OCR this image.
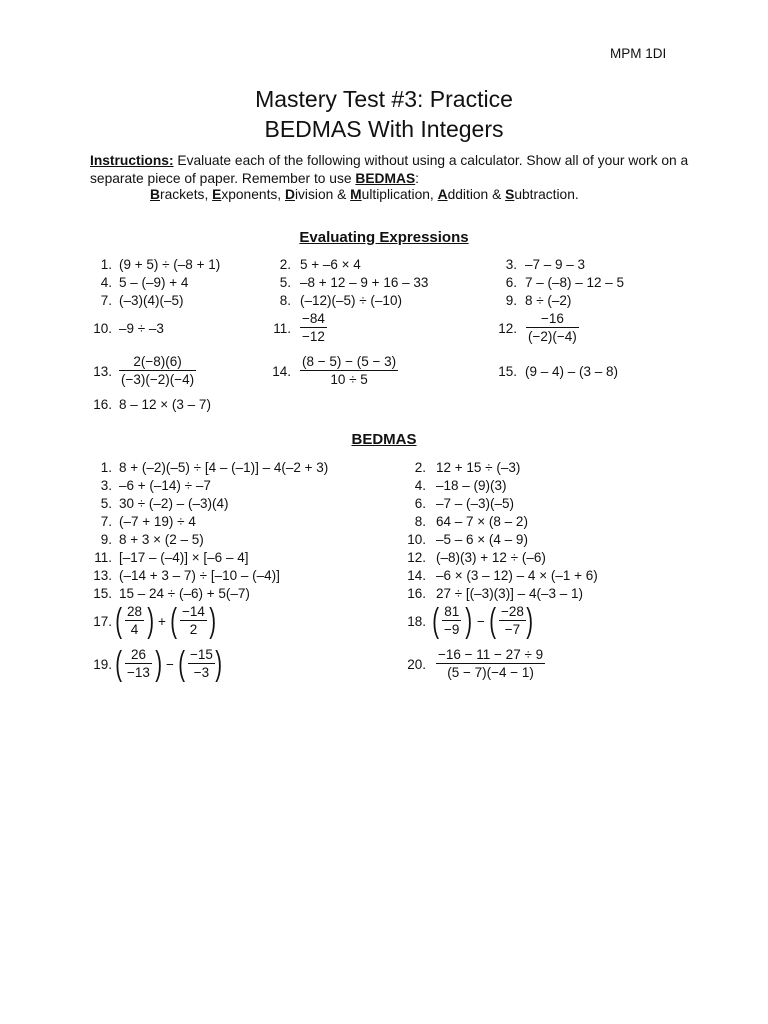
MPM 1DI
Mastery Test #3: Practice
BEDMAS With Integers
Instructions: Evaluate each of the following without using a calculator. Show all of your work on a separate piece of paper. Remember to use BEDMAS:
Brackets, Exponents, Division & Multiplication, Addition & Subtraction.
Evaluating Expressions
1. (9 + 5) ÷ (–8 + 1)	2. 5 + –6 × 4	3. –7 – 9 – 3
4. 5 – (–9) + 4	5. –8 + 12 – 9 + 16 – 33	6. 7 – (–8) – 12 – 5
7. (–3)(4)(–5)	8. (–12)(–5) ÷ (–10)	9. 8 ÷ (–2)
10. –9 ÷ –3	11. $\frac{-84}{-12}$	12. $\frac{-16}{(-2)(-4)}$
13. $\frac{2(-8)(6)}{(-3)(-2)(-4)}$	14. $\frac{(8 - 5) - (5 - 3)}{10 \div 5}$	15. (9 – 4) – (3 – 8)
16. 8 – 12 × (3 – 7)
BEDMAS
1. 8 + (–2)(–5) ÷ [4 – (–1)] – 4(–2 + 3)	2. 12 + 15 ÷ (–3)
3. –6 + (–14) ÷ –7	4. –18 – (9)(3)
5. 30 ÷ (–2) – (–3)(4)	6. –7 – (–3)(–5)
7. (–7 + 19) ÷ 4	8. 64 – 7 × (8 – 2)
9. 8 + 3 × (2 – 5)	10. –5 – 6 × (4 – 9)
11. [–17 – (–4)] × [–6 – 4]	12. (–8)(3) + 12 ÷ (–6)
13. (–14 + 3 – 7) ÷ [–10 – (–4)]	14. –6 × (3 – 12) – 4 × (–1 + 6)
15. 15 – 24 ÷ (–6) + 5(–7)	16. 27 ÷ [(–3)(3)] – 4(–3 – 1)
17. ( $\frac{28}{4}$ ) + ( $\frac{-14}{2}$ )	18. ( $\frac{81}{-9}$ ) − ( $\frac{-28}{-7}$ )
19. ( $\frac{26}{-13}$ ) − ( $\frac{-15}{-3}$ )	20. $\frac{-16 - 11 - 27 \div 9}{(5 - 7)(-4 - 1)}$
